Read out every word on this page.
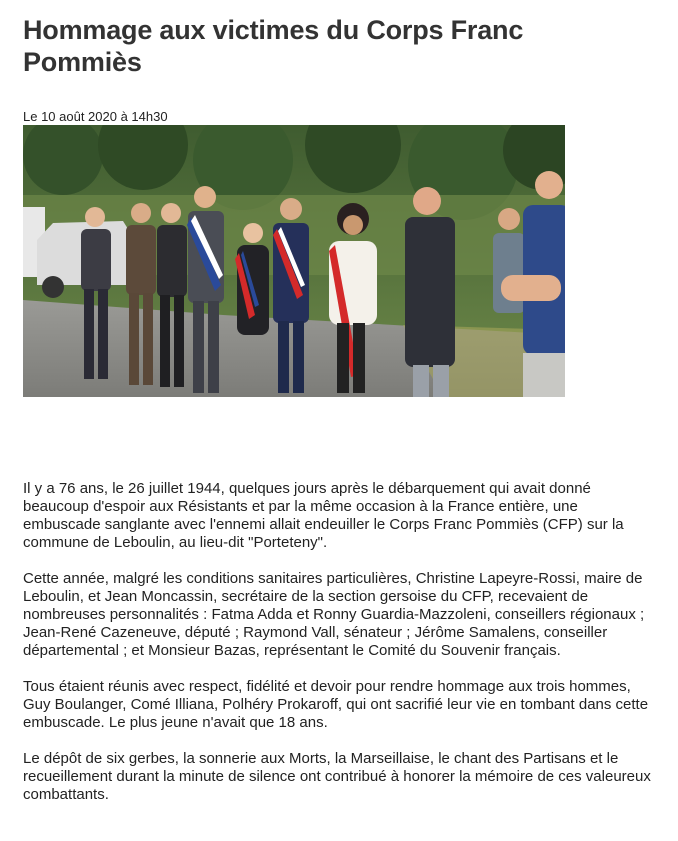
Hommage aux victimes du Corps Franc Pommiès
Le 10 août 2020 à 14h30

Il y a 76 ans, le 26 juillet 1944, quelques jours après le débarquement qui avait donné beaucoup d'espoir aux Résistants et par la même occasion à la France entière, une embuscade sanglante avec l'ennemi allait endeuiller le Corps Franc Pommiès (CFP) sur la commune de Leboulin, au lieu-dit "Porteteny".

Cette année, malgré les conditions sanitaires particulières, Christine Lapeyre-Rossi, maire de Leboulin, et Jean Moncassin, secrétaire de la section gersoise du CFP, recevaient de nombreuses personnalités : Fatma Adda et Ronny Guardia-Mazzoleni, conseillers régionaux ; Jean-René Cazeneuve, député ; Raymond Vall, sénateur ; Jérôme Samalens, conseiller départemental ; et Monsieur Bazas, représentant le Comité du Souvenir français.

Tous étaient réunis avec respect, fidélité et devoir pour rendre hommage aux trois hommes, Guy Boulanger, Comé Illiana, Polhéry Prokaroff, qui ont sacrifié leur vie en tombant dans cette embuscade. Le plus jeune n'avait que 18 ans.

Le dépôt de six gerbes, la sonnerie aux Morts, la Marseillaise, le chant des Partisans et le recueillement durant la minute de silence ont contribué à honorer la mémoire de ces valeureux combattants.
